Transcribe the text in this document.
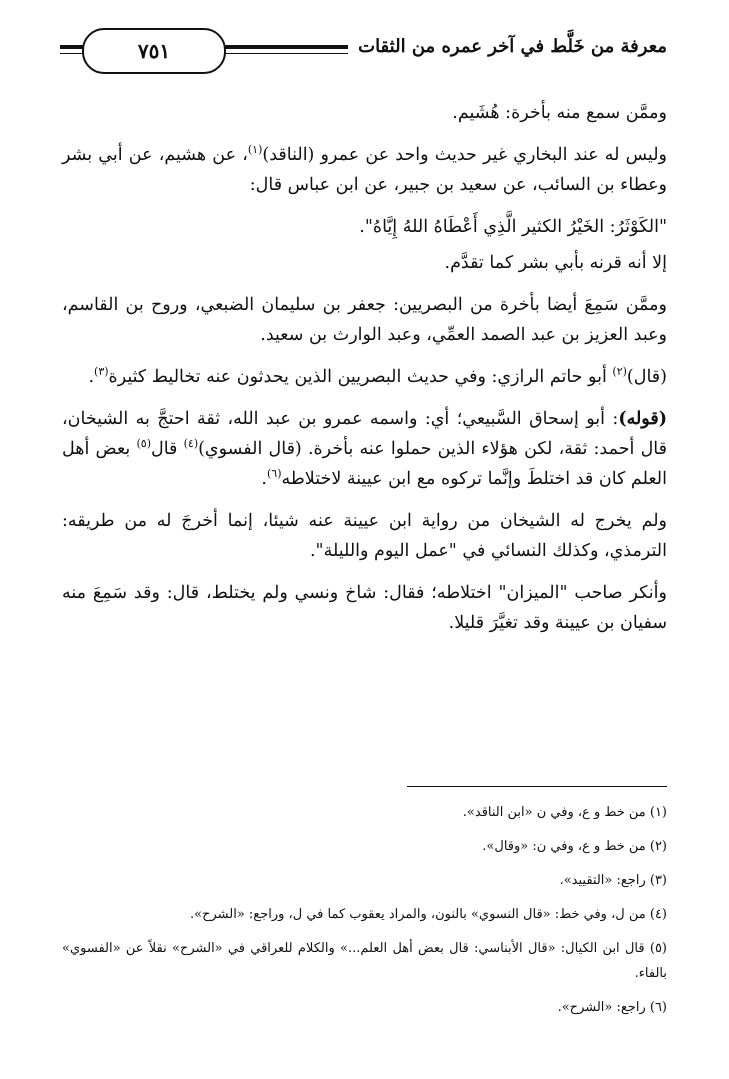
٧٥١	معرفة من خَلَّط في آخر عمره من الثقات

وممَّن سمع منه بأخرة: هُشَيم.

وليس له عند البخاري غير حديث واحد عن عمرو (الناقد)$^{(١)}$، عن هشيم، عن أبي بشر وعطاء بن السائب، عن سعيد بن جبير، عن ابن عباس قال:

"الكَوْثَرُ: الخَيْرُ الكثير الَّذِي أَعْطَاهُ اللهُ إِيَّاهُ".

إلا أنه قرنه بأبي بشر كما تقدَّم.

وممَّن سَمِعَ أيضا بأخرة من البصريين: جعفر بن سليمان الضبعي، وروح بن القاسم، وعبد العزيز بن عبد الصمد العمِّي، وعبد الوارث بن سعيد.

(قال)$^{(٢)}$ أبو حاتم الرازي: وفي حديث البصريين الذين يحدثون عنه تخاليط كثيرة$^{(٣)}$.

(قوله): أبو إسحاق السَّبيعي؛ أي: واسمه عمرو بن عبد الله، ثقة احتجَّ به الشيخان، قال أحمد: ثقة، لكن هؤلاء الذين حملوا عنه بأخرة. (قال الفسوي)$^{(٤)}$ قال$^{(٥)}$ بعض أهل العلم كان قد اختلطَ وإنَّما تركوه مع ابن عيينة لاختلاطه$^{(٦)}$.

ولم يخرج له الشيخان من رواية ابن عيينة عنه شيئا، إنما أخرجَ له من طريقه: الترمذي، وكذلك النسائي في "عمل اليوم والليلة".

وأنكر صاحب "الميزان" اختلاطه؛ فقال: شاخ ونسي ولم يختلط، قال: وقد سَمِعَ منه سفيان بن عيينة وقد تغيَّرَ قليلا.

(١) من خط و ع، وفي ن «ابن الناقد».

(٢) من خط و ع، وفي ن: «وقال».

(٣) راجع: «التقييد».

(٤) من ل، وفي خط: «قال النسوي» بالنون، والمراد يعقوب كما في ل، وراجع: «الشرح».

(٥) قال ابن الكيال: «قال الأبناسي: قال بعض أهل العلم...» والكلام للعراقي في «الشرح» نقلاً عن «الفسوي» بالفاء.

(٦) راجع: «الشرح».
